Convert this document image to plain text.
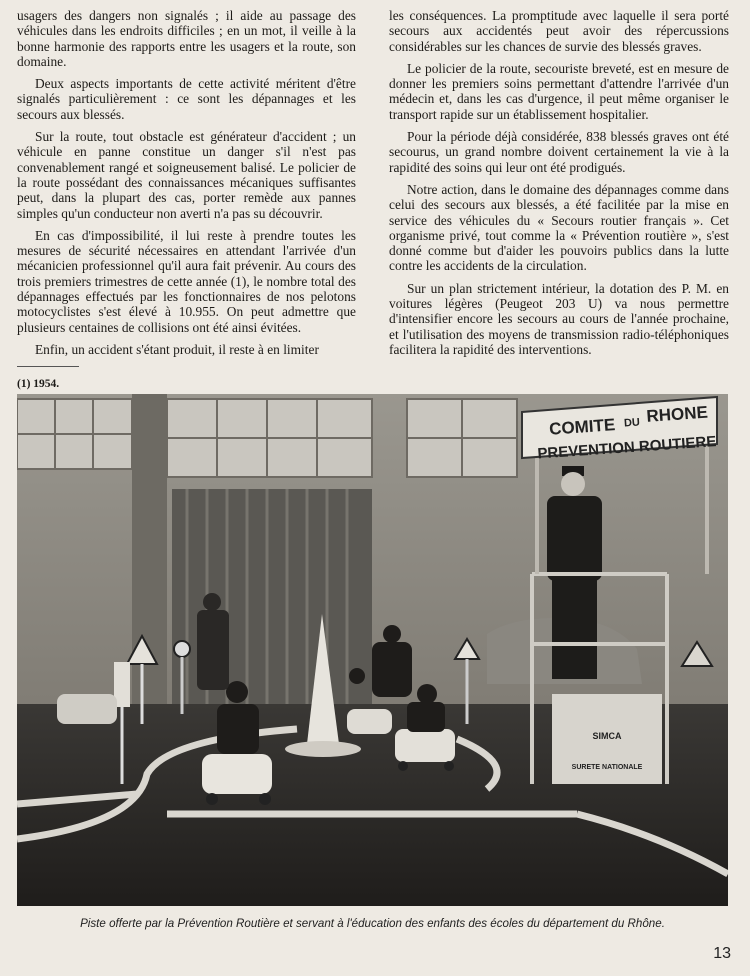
usagers des dangers non signalés ; il aide au passage des véhicules dans les endroits difficiles ; en un mot, il veille à la bonne harmonie des rapports entre les usagers et la route, son domaine.

Deux aspects importants de cette activité méritent d'être signalés particulièrement : ce sont les dépannages et les secours aux blessés.

Sur la route, tout obstacle est générateur d'accident ; un véhicule en panne constitue un danger s'il n'est pas convenablement rangé et soigneusement balisé. Le policier de la route possédant des connaissances mécaniques suffisantes peut, dans la plupart des cas, porter remède aux pannes simples qu'un conducteur non averti n'a pas su découvrir.

En cas d'impossibilité, il lui reste à prendre toutes les mesures de sécurité nécessaires en attendant l'arrivée d'un mécanicien professionnel qu'il aura fait prévenir. Au cours des trois premiers trimestres de cette année (1), le nombre total des dépannages effectués par les fonctionnaires de nos pelotons motocyclistes s'est élevé à 10.955. On peut admettre que plusieurs centaines de collisions ont été ainsi évitées.

Enfin, un accident s'étant produit, il reste à en limiter

(1) 1954.

les conséquences. La promptitude avec laquelle il sera porté secours aux accidentés peut avoir des répercussions considérables sur les chances de survie des blessés graves.

Le policier de la route, secouriste breveté, est en mesure de donner les premiers soins permettant d'attendre l'arrivée d'un médecin et, dans les cas d'urgence, il peut même organiser le transport rapide sur un établissement hospitalier.

Pour la période déjà considérée, 838 blessés graves ont été secourus, un grand nombre doivent certainement la vie à la rapidité des soins qui leur ont été prodigués.

Notre action, dans le domaine des dépannages comme dans celui des secours aux blessés, a été facilitée par la mise en service des véhicules du « Secours routier français ». Cet organisme privé, tout comme la « Prévention routière », s'est donné comme but d'aider les pouvoirs publics dans la lutte contre les accidents de la circulation.

Sur un plan strictement intérieur, la dotation des P. M. en voitures légères (Peugeot 203 U) va nous permettre d'intensifier encore les secours au cours de l'année prochaine, et l'utilisation des moyens de transmission radio-téléphoniques facilitera la rapidité des interventions.

SIMCA
SURETE NATIONALE
COMITE DU RHONE
PREVENTION ROUTIERE
Piste offerte par la Prévention Routière et servant à l'éducation des enfants des écoles du département du Rhône.
13
